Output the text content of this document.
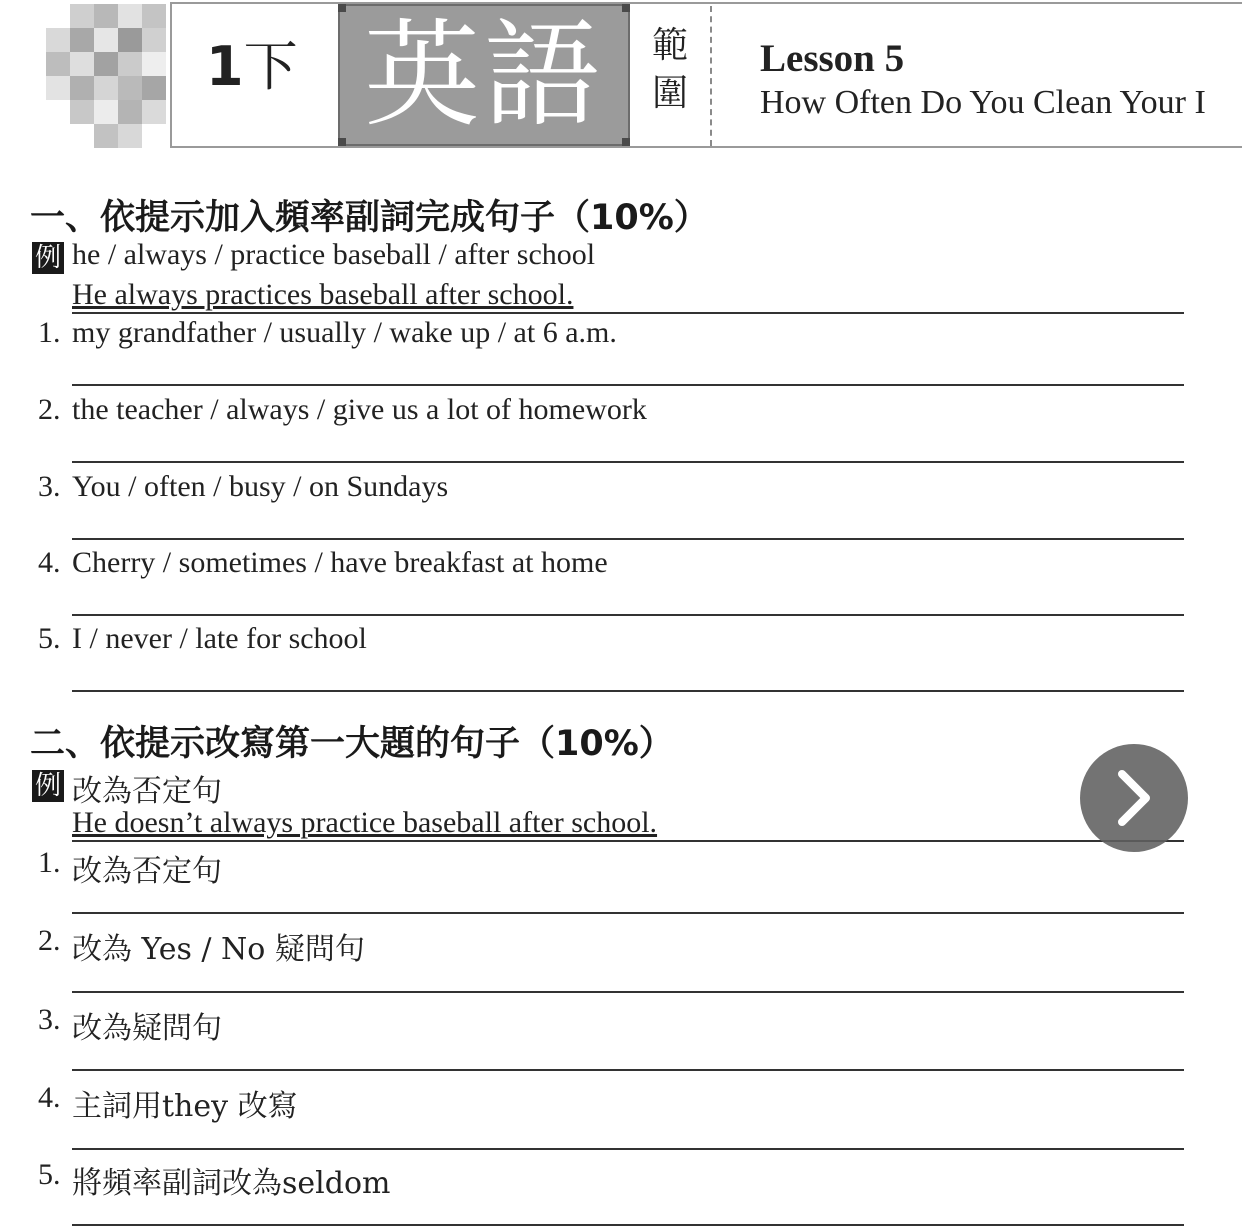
1下 英語	範
圍
Lesson 5
How Often Do You Clean Your I
一、依提示加入頻率副詞完成句子（10%）
例 he / always / practice baseball / after school
He always practices baseball after school.
1. my grandfather / usually / wake up / at 6 a.m.
2. the teacher / always / give us a lot of homework
3. You / often / busy / on Sundays
4. Cherry / sometimes / have breakfast at home
5. I / never / late for school
二、依提示改寫第一大題的句子（10%）
例 改為否定句
He doesn’t always practice baseball after school.
1. 改為否定句
2. 改為 Yes / No 疑問句
3. 改為疑問句
4. 主詞用they 改寫
5. 將頻率副詞改為seldom
